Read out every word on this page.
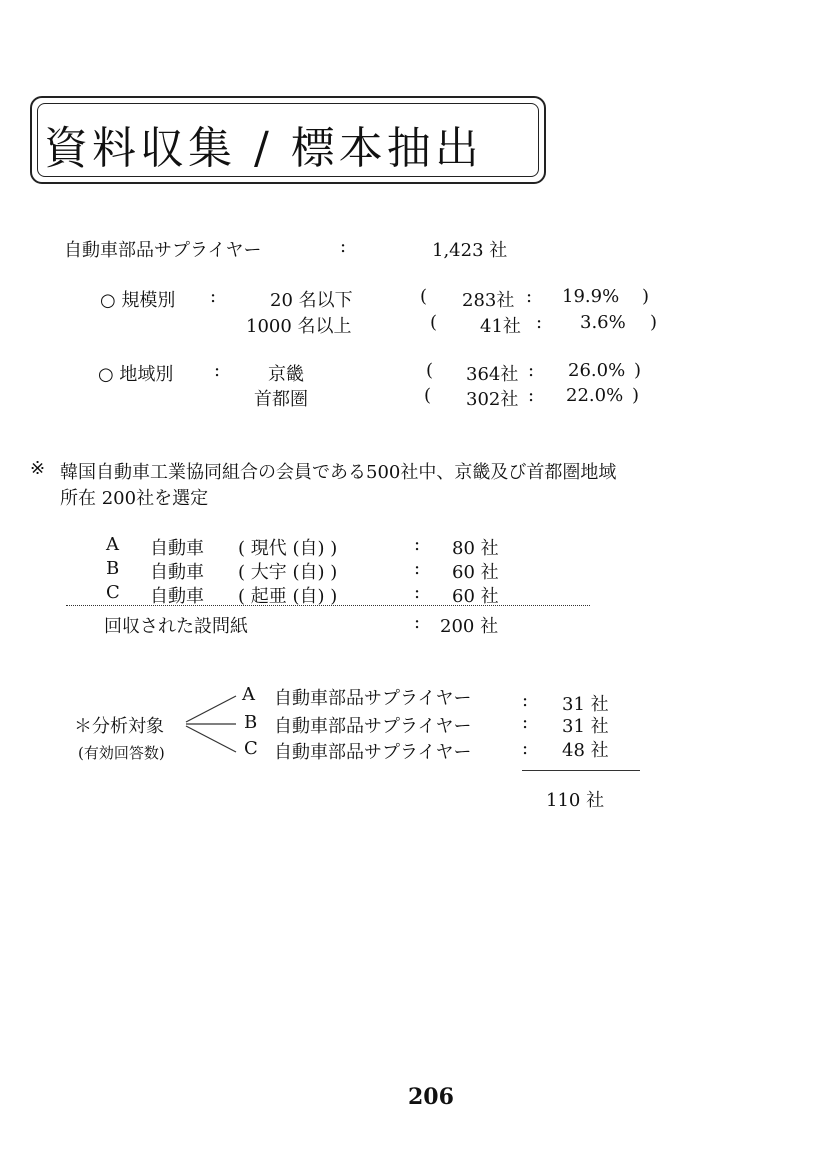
資料収集 / 標本抽出
自動車部品サプライヤー	:	1,423 社
○ 規模別 :	20 名以下	( 283社 : 19.9% )
1000 名以上	( 41社 : 3.6% )
○ 地域別 :	京畿	( 364社 : 26.0% )
首都圏	( 302社 : 22.0% )
※ 韓国自動車工業協同組合の会員である500社中、京畿及び首都圏地域
所在 200社を選定
A 自動車 ( 現代 (自) )	: 80 社
B 自動車 ( 大宇 (自) )	: 60 社
C 自動車 ( 起亜 (自) )	: 60 社
回収された設問紙	: 200 社
＊分析対象
(有効回答数)
A 自動車部品サプライヤー	: 31 社
B 自動車部品サプライヤー	: 31 社
C 自動車部品サプライヤー	: 48 社
110 社
206
